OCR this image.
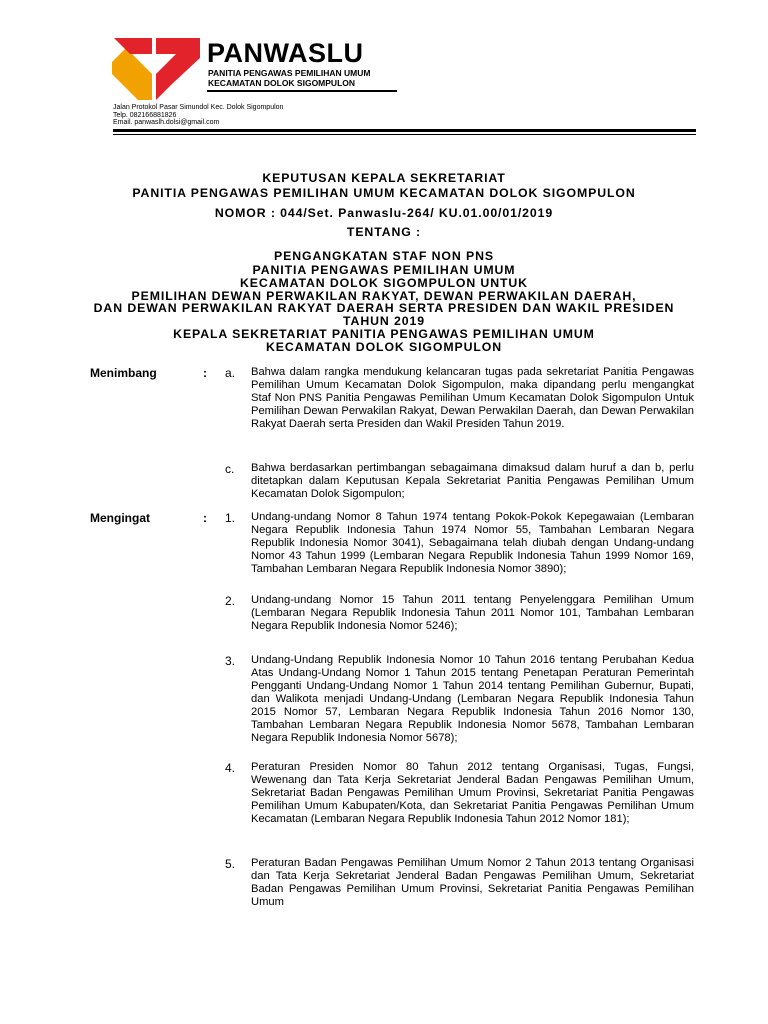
PANWASLU
PANITIA PENGAWAS PEMILIHAN UMUM
KECAMATAN DOLOK SIGOMPULON
Jalan Protokol Pasar Simundol Kec. Dolok Sigompulon
Telp. 082166881826
Email. panwaslh.dolsi@gmail.com
KEPUTUSAN KEPALA SEKRETARIAT
PANITIA PENGAWAS PEMILIHAN UMUM KECAMATAN DOLOK SIGOMPULON
NOMOR : 044/Set. Panwaslu-264/ KU.01.00/01/2019
TENTANG :
PENGANGKATAN STAF NON PNS
PANITIA PENGAWAS PEMILIHAN UMUM
KECAMATAN DOLOK SIGOMPULON UNTUK
PEMILIHAN DEWAN PERWAKILAN RAKYAT, DEWAN PERWAKILAN DAERAH,
DAN DEWAN PERWAKILAN RAKYAT DAERAH SERTA PRESIDEN DAN WAKIL PRESIDEN
TAHUN 2019
KEPALA SEKRETARIAT PANITIA PENGAWAS PEMILIHAN UMUM
KECAMATAN DOLOK SIGOMPULON
Menimbang	: a. Bahwa dalam rangka mendukung kelancaran tugas pada sekretariat Panitia Pengawas Pemilihan Umum Kecamatan Dolok Sigompulon, maka dipandang perlu mengangkat Staf Non PNS Panitia Pengawas Pemilihan Umum Kecamatan Dolok Sigompulon Untuk Pemilihan Dewan Perwakilan Rakyat, Dewan Perwakilan Daerah, dan Dewan Perwakilan Rakyat Daerah serta Presiden dan Wakil Presiden Tahun 2019.
c. Bahwa berdasarkan pertimbangan sebagaimana dimaksud dalam huruf a dan b, perlu ditetapkan dalam Keputusan Kepala Sekretariat Panitia Pengawas Pemilihan Umum Kecamatan Dolok Sigompulon;
Mengingat	: 1. Undang-undang Nomor 8 Tahun 1974 tentang Pokok-Pokok Kepegawaian (Lembaran Negara Republik Indonesia Tahun 1974 Nomor 55, Tambahan Lembaran Negara Republik Indonesia Nomor 3041), Sebagaimana telah diubah dengan Undang-undang Nomor 43 Tahun 1999 (Lembaran Negara Republik Indonesia Tahun 1999 Nomor 169, Tambahan Lembaran Negara Republik Indonesia Nomor 3890);
2. Undang-undang Nomor 15 Tahun 2011 tentang Penyelenggara Pemilihan Umum (Lembaran Negara Republik Indonesia Tahun 2011 Nomor 101, Tambahan Lembaran Negara Republik Indonesia Nomor 5246);
3. Undang-Undang Republik Indonesia Nomor 10 Tahun 2016 tentang Perubahan Kedua Atas Undang-Undang Nomor 1 Tahun 2015 tentang Penetapan Peraturan Pemerintah Pengganti Undang-Undang Nomor 1 Tahun 2014 tentang Pemilihan Gubernur, Bupati, dan Walikota menjadi Undang-Undang (Lembaran Negara Republik Indonesia Tahun 2015 Nomor 57, Lembaran Negara Republik Indonesia Tahun 2016 Nomor 130, Tambahan Lembaran Negara Republik Indonesia Nomor 5678, Tambahan Lembaran Negara Republik Indonesia Nomor 5678);
4. Peraturan Presiden Nomor 80 Tahun 2012 tentang Organisasi, Tugas, Fungsi, Wewenang dan Tata Kerja Sekretariat Jenderal Badan Pengawas Pemilihan Umum, Sekretariat Badan Pengawas Pemilihan Umum Provinsi, Sekretariat Panitia Pengawas Pemilihan Umum Kabupaten/Kota, dan Sekretariat Panitia Pengawas Pemilihan Umum Kecamatan (Lembaran Negara Republik Indonesia Tahun 2012 Nomor 181);
5. Peraturan Badan Pengawas Pemilihan Umum Nomor 2 Tahun 2013 tentang Organisasi dan Tata Kerja Sekretariat Jenderal Badan Pengawas Pemilihan Umum, Sekretariat Badan Pengawas Pemilihan Umum Provinsi, Sekretariat Panitia Pengawas Pemilihan Umum
